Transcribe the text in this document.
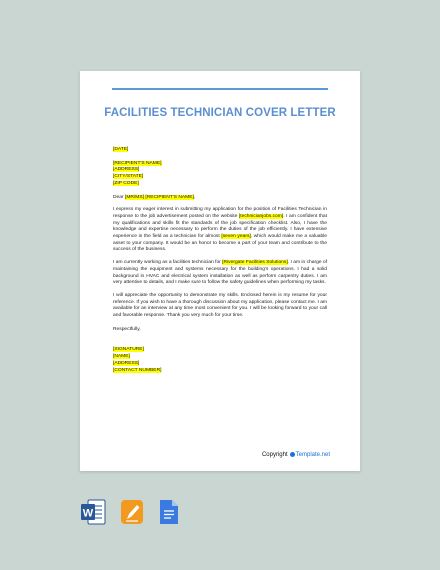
FACILITIES TECHNICIAN COVER LETTER

[DATE]

[RECIPIENT'S NAME]

[ADDRESS]

[CITY/STATE]

[ZIP CODE]

Dear [MR/MS] [RECIPIENT'S NAME],

I express my eager interest in submitting my application for the position of Facilities Technician in response to the job advertisement posted on the website [technicianjobs.com]. I am confident that my qualifications and skills fit the standards of the job specification checklist. Also, I have the knowledge and expertise necessary to perform the duties of the job efficiently. I have extensive experience in the field as a technician for almost [seven years], which would make me a valuable asset to your company. It would be an honor to become a part of your team and contribute to the success of the business.

I am currently working as a facilities technician for [Rivergate Facilities Solutions]. I am in charge of maintaining the equipment and systems necessary for the building's operations. I had a solid background in HVAC and electrical system installation as well as perform carpentry duties. I am very attentive to details, and I make sure to follow the safety guidelines when performing my tasks.

I will appreciate the opportunity to demonstrate my skills. Enclosed herein is my resume for your reference. If you wish to have a thorough discussion about my application, please contact me. I am available for an interview at any time most convenient for you. I will be looking forward to your call and favorable response. Thank you very much for your time.

Respectfully,

[SIGNATURE]

[NAME]

[ADDRESS]

[CONTACT NUMBER]

Copyright Template.net
W
